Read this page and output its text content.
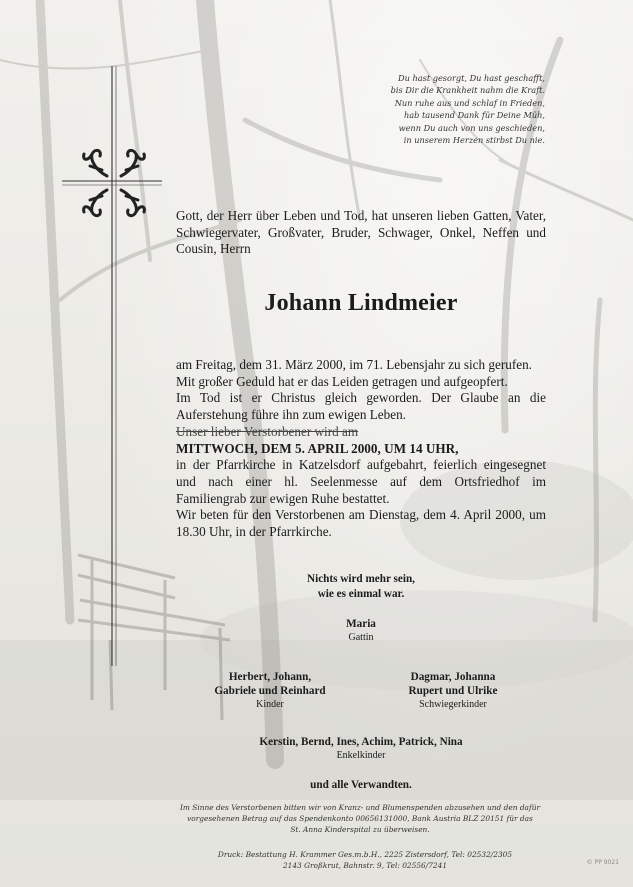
Du hast gesorgt, Du hast geschafft,
bis Dir die Krankheit nahm die Kraft.
Nun ruhe aus und schlaf in Frieden,
hab tausend Dank für Deine Müh,
wenn Du auch von uns geschieden,
in unserem Herzen stirbst Du nie.

Gott, der Herr über Leben und Tod, hat unseren lieben Gatten, Vater, Schwiegervater, Großvater, Bruder, Schwager, Onkel, Neffen und Cousin, Herrn

Johann Lindmeier

am Freitag, dem 31. März 2000, im 71. Lebensjahr zu sich gerufen.

Mit großer Geduld hat er das Leiden getragen und aufgeopfert.

Im Tod ist er Christus gleich geworden. Der Glaube an die Auferstehung führe ihn zum ewigen Leben.

Unser lieber Verstorbener wird am

MITTWOCH, DEM 5. APRIL 2000, UM 14 UHR,

in der Pfarrkirche in Katzelsdorf aufgebahrt, feierlich eingesegnet und nach einer hl. Seelenmesse auf dem Ortsfriedhof im Familiengrab zur ewigen Ruhe bestattet.

Wir beten für den Verstorbenen am Dienstag, dem 4. April 2000, um 18.30 Uhr, in der Pfarrkirche.

Nichts wird mehr sein,
wie es einmal war.
Maria
Gattin
Herbert, Johann,
Gabriele und Reinhard
Kinder
Dagmar, Johanna
Rupert und Ulrike
Schwiegerkinder
Kerstin, Bernd, Ines, Achim, Patrick, Nina
Enkelkinder
und alle Verwandten.
Im Sinne des Verstorbenen bitten wir von Kranz- und Blumenspenden abzusehen und den dafür
vorgesehenen Betrag auf das Spendenkonto 00656131000, Bank Austria BLZ 20151 für das
St. Anna Kinderspital zu überweisen.
Druck: Bestattung H. Krammer Ges.m.b.H., 2225 Zistersdorf, Tel: 02532/2305
2143 Großkrut, Bahnstr. 9, Tel: 02556/7241	© PP 9021
